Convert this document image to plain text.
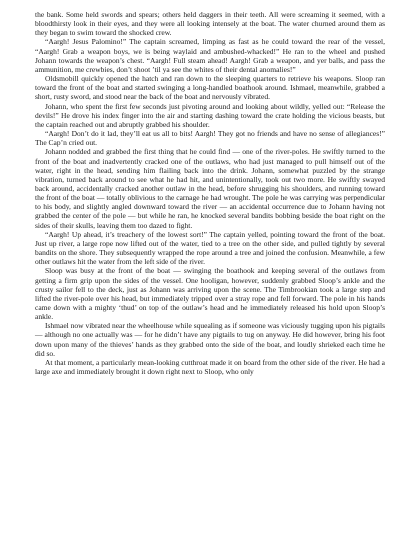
the bank. Some held swords and spears; others held daggers in their teeth. All were screaming it seemed, with a bloodthirsty look in their eyes, and they were all looking intensely at the boat. The water churned around them as they began to swim toward the shocked crew.

“Aargh! Jesus Palomino!” The captain screamed, limping as fast as he could toward the rear of the vessel, “Aargh! Grab a weapon boys, we is being waylaid and ambushed-whacked!” He ran to the wheel and pushed Johann towards the weapon’s chest. “Aargh! Full steam ahead! Aargh! Grab a weapon, and yer balls, and pass the ammunition, me crewbies, don’t shoot ’til ya see the whites of their dental anomalies!”

Oldsmobill quickly opened the hatch and ran down to the sleeping quarters to retrieve his weapons. Sloop ran toward the front of the boat and started swinging a long-handled boathook around. Ishmael, meanwhile, grabbed a short, rusty sword, and stood near the back of the boat and nervously vibrated.

Johann, who spent the first few seconds just pivoting around and looking about wildly, yelled out: “Release the devils!” He drove his index finger into the air and starting dashing toward the crate holding the vicious beasts, but the captain reached out and abruptly grabbed his shoulder.

“Aargh! Don’t do it lad, they’ll eat us all to bits! Aargh! They got no friends and have no sense of allegiances!” The Cap’n cried out.

Johann nodded and grabbed the first thing that he could find — one of the river-poles. He swiftly turned to the front of the boat and inadvertently cracked one of the outlaws, who had just managed to pull himself out of the water, right in the head, sending him flailing back into the drink. Johann, somewhat puzzled by the strange vibration, turned back around to see what he had hit, and unintentionally, took out two more. He swiftly swayed back around, accidentally cracked another outlaw in the head, before shrugging his shoulders, and running toward the front of the boat — totally oblivious to the carnage he had wrought. The pole he was carrying was perpendicular to his body, and slightly angled downward toward the river — an accidental occurrence due to Johann having not grabbed the center of the pole — but while he ran, he knocked several bandits bobbing beside the boat right on the sides of their skulls, leaving them too dazed to fight.

“Aargh! Up ahead, it’s treachery of the lowest sort!” The captain yelled, pointing toward the front of the boat. Just up river, a large rope now lifted out of the water, tied to a tree on the other side, and pulled tightly by several bandits on the shore. They subsequently wrapped the rope around a tree and joined the confusion. Meanwhile, a few other outlaws hit the water from the left side of the river.

Sloop was busy at the front of the boat — swinging the boathook and keeping several of the outlaws from getting a firm grip upon the sides of the vessel. One hooligan, however, suddenly grabbed Sloop’s ankle and the crusty sailor fell to the deck, just as Johann was arriving upon the scene. The Timbrookian took a large step and lifted the river-pole over his head, but immediately tripped over a stray rope and fell forward. The pole in his hands came down with a mighty ‘thud’ on top of the outlaw’s head and he immediately released his hold upon Sloop’s ankle.

Ishmael now vibrated near the wheelhouse while squealing as if someone was viciously tugging upon his pigtails — although no one actually was — for he didn’t have any pigtails to tug on anyway. He did however, bring his foot down upon many of the thieves’ hands as they grabbed onto the side of the boat, and loudly shrieked each time he did so.

At that moment, a particularly mean-looking cutthroat made it on board from the other side of the river. He had a large axe and immediately brought it down right next to Sloop, who only
